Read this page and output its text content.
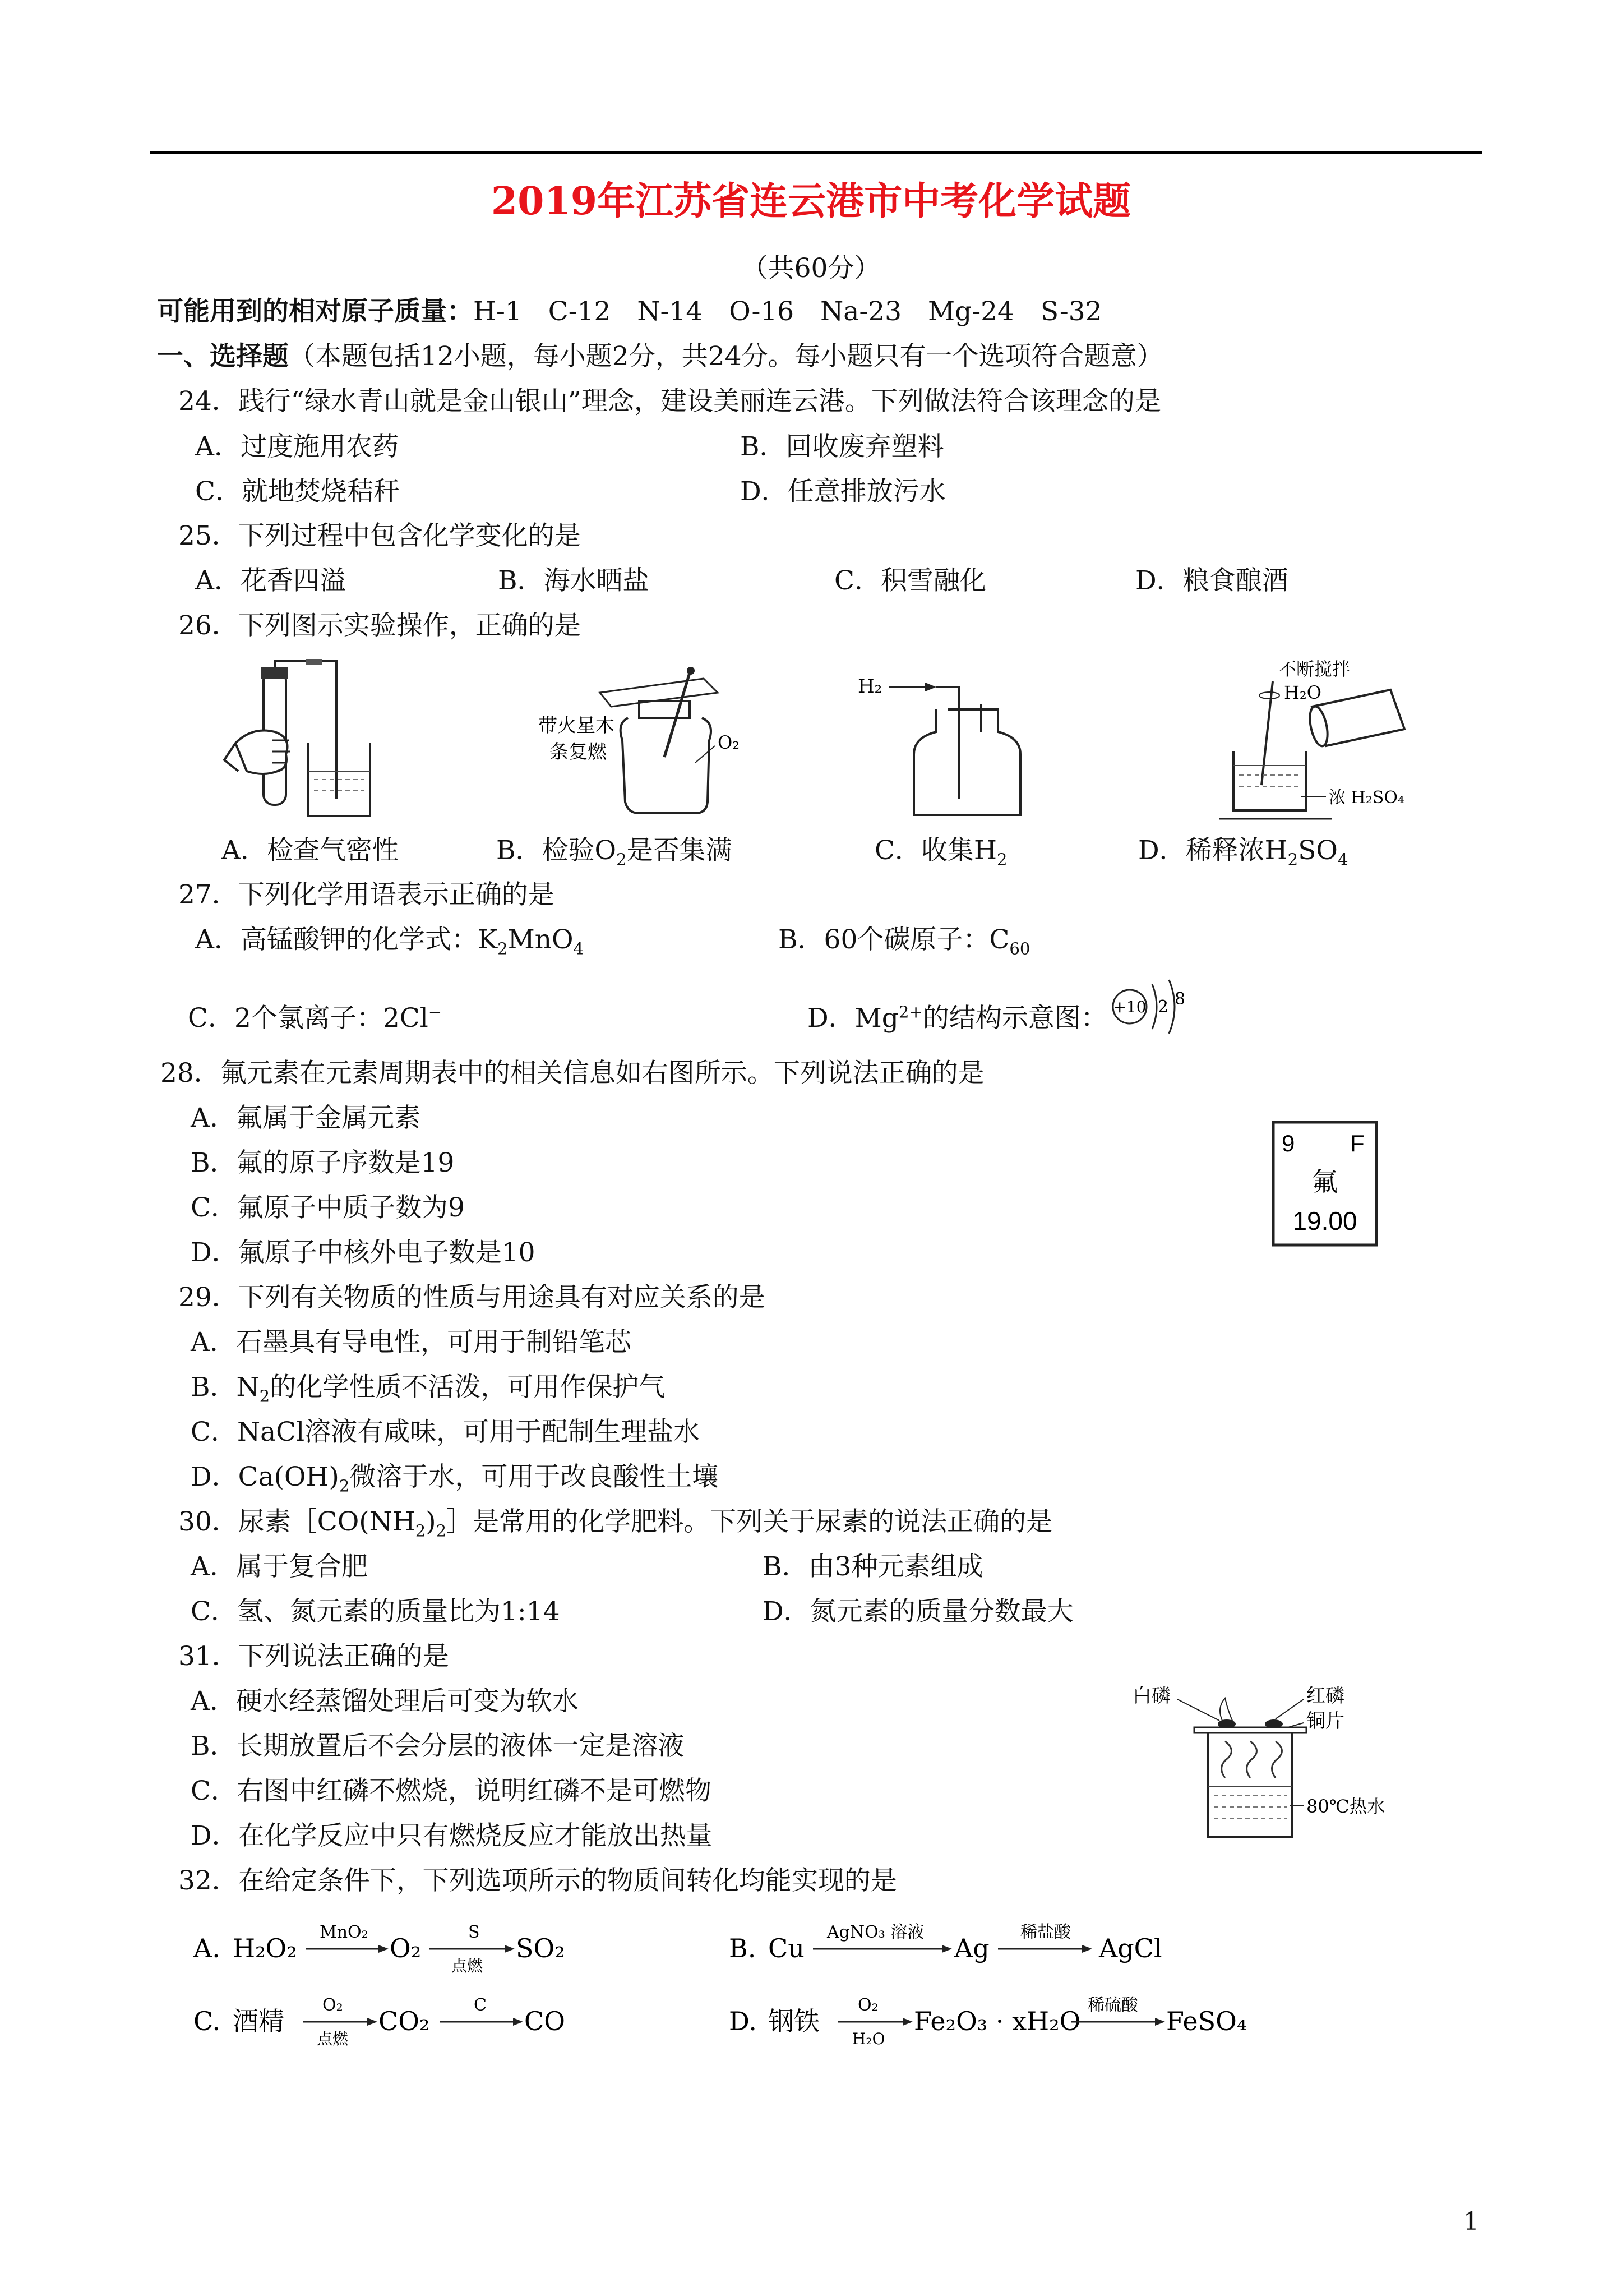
2019年江苏省连云港市中考化学试题
（共60分）
可能用到的相对原子质量：H-1　C-12　N-14　O-16　Na-23　Mg-24　S-32
一、选择题（本题包括12小题，每小题2分，共24分。每小题只有一个选项符合题意）
24．践行“绿水青山就是金山银山”理念，建设美丽连云港。下列做法符合该理念的是
A．过度施用农药	B．回收废弃塑料
C．就地焚烧秸秆	D．任意排放污水
25．下列过程中包含化学变化的是
A．花香四溢	B．海水晒盐	C．积雪融化	D．粮食酿酒
26．下列图示实验操作，正确的是
带火星木
条复燃	O₂
H₂
不断搅拌
H₂O
浓 H₂SO₄
A．检查气密性	B．检验$O_2$是否集满	C．收集$H_2$	D．稀释浓$H_2SO_4$
27．下列化学用语表示正确的是
A．高锰酸钾的化学式：$K_2MnO_4$	B．60个碳原子：$C_{60}$
C．2个氯离子：2Cl−	D．$Mg^{2+}$的结构示意图： +10 2 8
28．氟元素在元素周期表中的相关信息如右图所示。下列说法正确的是
A．氟属于金属元素
B．氟的原子序数是19
C．氟原子中质子数为9
D．氟原子中核外电子数是10
9 F
氟
19.00
29．下列有关物质的性质与用途具有对应关系的是
A．石墨具有导电性，可用于制铅笔芯
B．$N_2$的化学性质不活泼，可用作保护气
C．NaCl溶液有咸味，可用于配制生理盐水
D．$Ca(OH)_2$微溶于水，可用于改良酸性土壤
30．尿素$[CO(NH_2)_2]$是常用的化学肥料。下列关于尿素的说法正确的是
A．属于复合肥	B．由3种元素组成
C．氢、氮元素的质量比为1:14	D．氮元素的质量分数最大
31．下列说法正确的是
A．硬水经蒸馏处理后可变为软水
B．长期放置后不会分层的液体一定是溶液
C．右图中红磷不燃烧，说明红磷不是可燃物
D．在化学反应中只有燃烧反应才能放出热量
白磷	红磷
铜片
80℃热水
32．在给定条件下，下列选项所示的物质间转化均能实现的是
A. H₂O₂
MnO₂
O₂
S
点燃
SO₂	B. Cu
AgNO₃ 溶液
Ag
稀盐酸
AgCl
C. 酒精
O₂
点燃
CO₂
C
CO	D. 钢铁
O₂
H₂O
Fe₂O₃ · xH₂O
稀硫酸
FeSO₄
1
